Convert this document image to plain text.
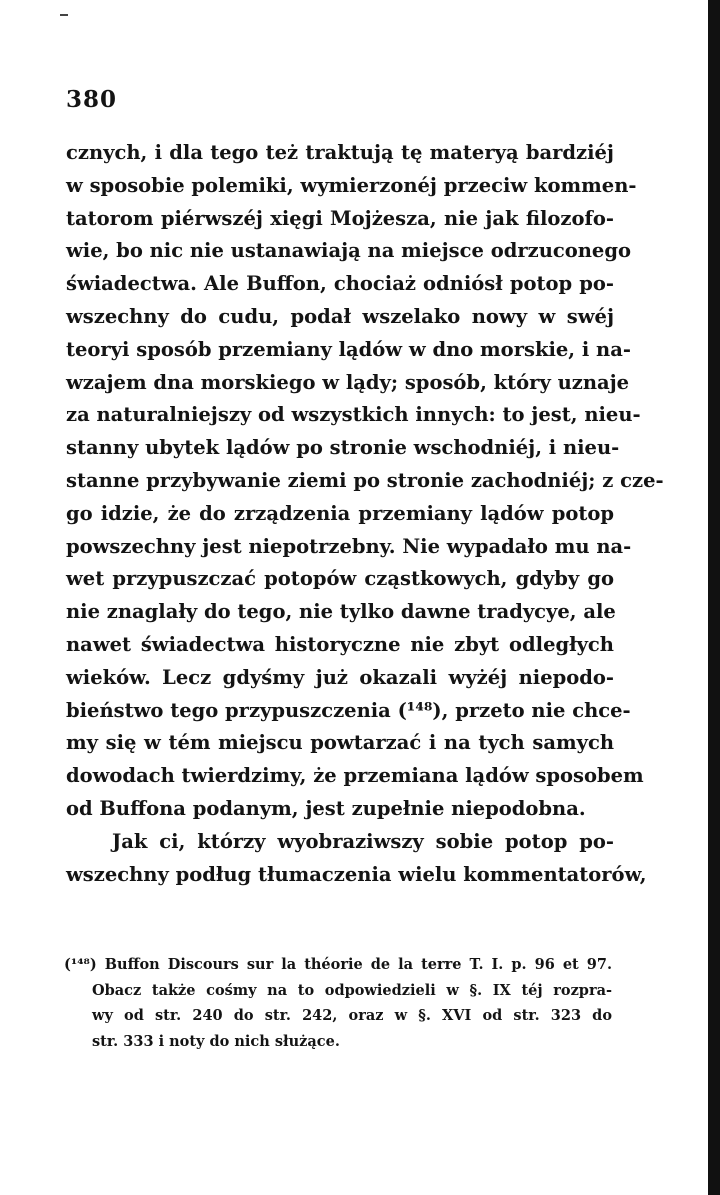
380
cznych, i dla tego też traktują tę materyą bardziéj
w sposobie polemiki, wymierzonéj przeciw kommen-
tatorom piérwszéj xięgi Mojżesza, nie jak filozofo-
wie, bo nic nie ustanawiają na miejsce odrzuconego
świadectwa. Ale Buffon, chociaż odniósł potop po-
wszechny do cudu, podał wszelako nowy w swéj
teoryi sposób przemiany lądów w dno morskie, i na-
wzajem dna morskiego w lądy; sposób, który uznaje
za naturalniejszy od wszystkich innych: to jest, nieu-
stanny ubytek lądów po stronie wschodniéj, i nieu-
stanne przybywanie ziemi po stronie zachodniéj; z cze-
go idzie, że do zrządzenia przemiany lądów potop
powszechny jest niepotrzebny. Nie wypadało mu na-
wet przypuszczać potopów cząstkowych, gdyby go
nie znaglały do tego, nie tylko dawne tradycye, ale
nawet świadectwa historyczne nie zbyt odległych
wieków. Lecz gdyśmy już okazali wyżéj niepodo-
bieństwo tego przypuszczenia (¹⁴⁸), przeto nie chce-
my się w tém miejscu powtarzać i na tych samych
dowodach twierdzimy, że przemiana lądów sposobem
od Buffona podanym, jest zupełnie niepodobna.
Jak ci, którzy wyobraziwszy sobie potop po-
wszechny podług tłumaczenia wielu kommentatorów,
(¹⁴⁸) Buffon Discours sur la théorie de la terre T. I. p. 96 et 97.
Obacz także cośmy na to odpowiedzieli w §. IX téj rozpra-
wy od str. 240 do str. 242, oraz w §. XVI od str. 323 do
str. 333 i noty do nich służące.
